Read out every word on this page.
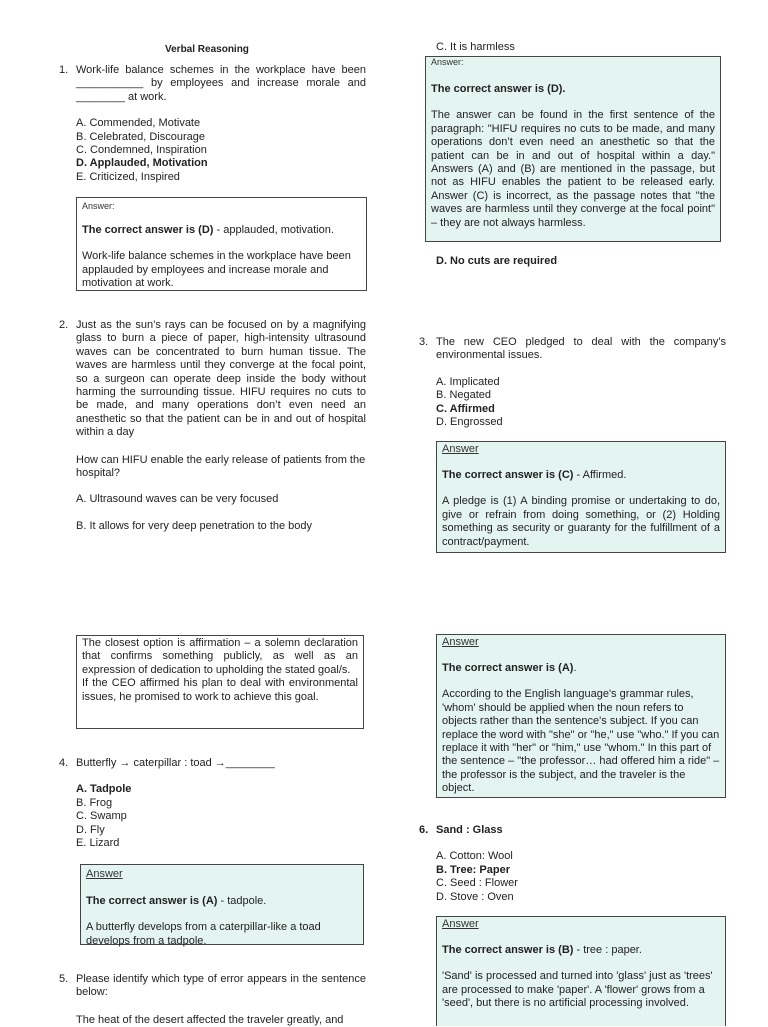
Verbal Reasoning
1. Work-life balance schemes in the workplace have been ___________ by employees and increase morale and ________ at work.

A. Commended, Motivate
B. Celebrated, Discourage
C. Condemned, Inspiration
D. Applauded, Motivation
E. Criticized, Inspired
Answer:

The correct answer is (D) - applauded, motivation.

Work-life balance schemes in the workplace have been applauded by employees and increase morale and motivation at work.

2. Just as the sun’s rays can be focused on by a magnifying glass to burn a piece of paper, high-intensity ultrasound waves can be concentrated to burn human tissue. The waves are harmless until they converge at the focal point, so a surgeon can operate deep inside the body without harming the surrounding tissue. HIFU requires no cuts to be made, and many operations don’t even need an anesthetic so that the patient can be in and out of hospital within a day

How can HIFU enable the early release of patients from the hospital?

A. Ultrasound waves can be very focused

B. It allows for very deep penetration to the body

The closest option is affirmation – a solemn declaration that confirms something publicly, as well as an expression of dedication to upholding the stated goal/s.

If the CEO affirmed his plan to deal with environmental issues, he promised to work to achieve this goal.

4. Butterfly → caterpillar : toad →________

A. Tadpole
B. Frog
C. Swamp
D. Fly
E. Lizard
Answer

The correct answer is (A) - tadpole.

A butterfly develops from a caterpillar-like a toad develops from a tadpole.

5. Please identify which type of error appears in the sentence below:

The heat of the desert affected the traveler greatly, and

C. It is harmless
Answer:

The correct answer is (D).

The answer can be found in the first sentence of the paragraph: "HIFU requires no cuts to be made, and many operations don’t even need an anesthetic so that the patient can be in and out of hospital within a day." Answers (A) and (B) are mentioned in the passage, but not as HIFU enables the patient to be released early. Answer (C) is incorrect, as the passage notes that "the waves are harmless until they converge at the focal point" – they are not always harmless.

D. No cuts are required
3. The new CEO pledged to deal with the company's environmental issues.

A. Implicated
B. Negated
C. Affirmed
D. Engrossed
Answer

The correct answer is (C) - Affirmed.

A pledge is (1) A binding promise or undertaking to do, give or refrain from doing something, or (2) Holding something as security or guaranty for the fulfillment of a contract/payment.

Answer

The correct answer is (A).

According to the English language's grammar rules, 'whom' should be applied when the noun refers to objects rather than the sentence's subject. If you can replace the word with "she" or "he," use "who." If you can replace it with "her" or "him," use "whom." In this part of the sentence – "the professor… had offered him a ride" – the professor is the subject, and the traveler is the object.

6. Sand : Glass

A. Cotton: Wool
B. Tree: Paper
C. Seed : Flower
D. Stove : Oven
Answer

The correct answer is (B) - tree : paper.

'Sand' is processed and turned into 'glass' just as 'trees' are processed to make 'paper'. A 'flower' grows from a 'seed', but there is no artificial processing involved.
